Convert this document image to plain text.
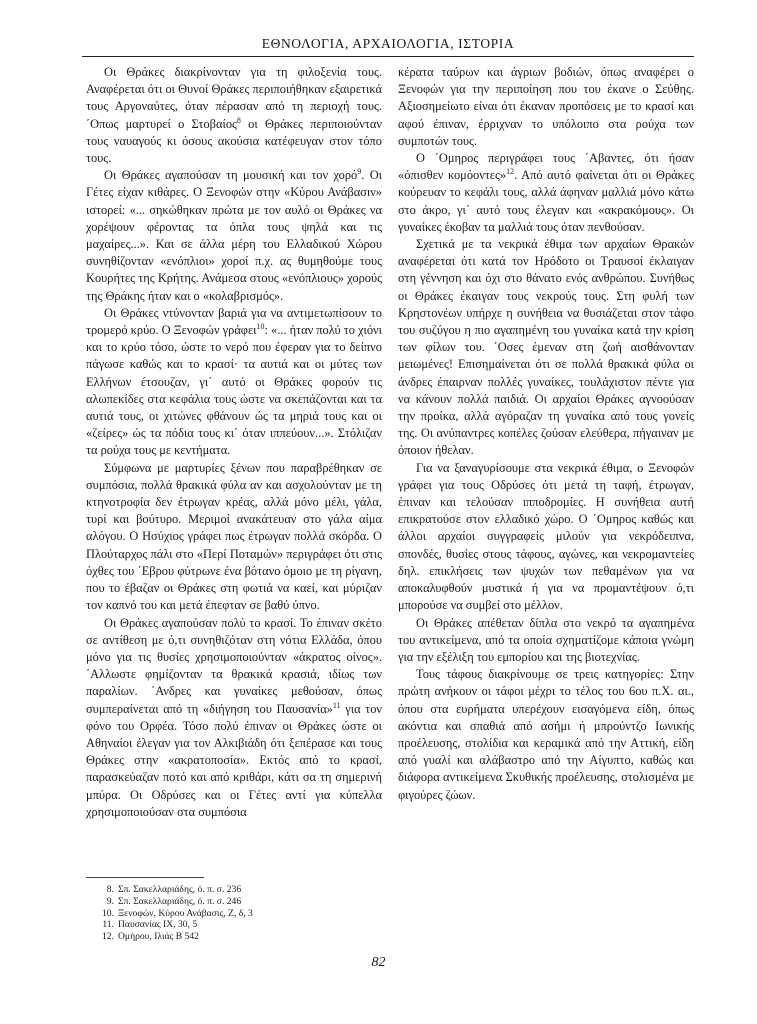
ΕΘΝΟΛΟΓΙΑ, ΑΡΧΑΙΟΛΟΓΙΑ, ΙΣΤΟΡΙΑ

Οι Θράκες διακρίνονταν για τη φιλοξενία τους. Αναφέρεται ότι οι Θυνοί Θράκες περιποιήθηκαν εξαιρετικά τους Αργοναύτες, όταν πέρασαν από τη περιοχή τους. ΄Οπως μαρτυρεί ο Στοβαίος$^8$ οι Θράκες περιποιούνταν τους ναυαγούς κι όσους ακούσια κατέφευγαν στον τόπο τους.

Οι Θράκες αγαπούσαν τη μουσική και τον χορό$^9$. Οι Γέτες είχαν κιθάρες. Ο Ξενοφών στην «Κύρου Ανάβασιν» ιστορεί: «... σηκώθηκαν πρώτα με τον αυλό οι Θράκες να χορέψουν φέροντας τα όπλα τους ψηλά και τις μαχαίρες...». Και σε άλλα μέρη του Ελλαδικού Χώρου συνηθίζονταν «ενόπλιοι» χοροί π.χ. ας θυμηθούμε τους Κουρήτες της Κρήτης. Ανάμεσα στους «ενόπλιους» χορούς της Θράκης ήταν και ο «κολαβρισμός».

Οι Θράκες ντύνονταν βαριά για να αντιμετωπίσουν το τρομερό κρύο. Ο Ξενοφών γράφει$^{10}$: «... ήταν πολύ το χιόνι και το κρύο τόσο, ώστε το νερό που έφεραν για το δείπνο πάγωσε καθώς και το κρασί· τα αυτιά και οι μύτες των Ελλήνων έτσουζαν, γι΄ αυτό οι Θράκες φορούν τις αλωπεκίδες στα κεφάλια τους ώστε να σκεπάζονται και τα αυτιά τους, οι χιτώνες φθάνουν ώς τα μηριά τους και οι «ζείρες» ώς τα πόδια τους κι΄ όταν ιππεύουν...». Στόλιζαν τα ρούχα τους με κεντήματα.

Σύμφωνα με μαρτυρίες ξένων που παραβρέθηκαν σε συμπόσια, πολλά θρακικά φύλα αν και ασχολούνταν με τη κτηνοτροφία δεν έτρωγαν κρέας, αλλά μόνο μέλι, γάλα, τυρί και βούτυρο. Μεριμοί ανακάτευαν στο γάλα αίμα αλόγου. Ο Ησύχιος γράφει πως έτρωγαν πολλά σκόρδα. Ο Πλούταρχος πάλι στο «Περί Ποταμών» περιγράφει ότι στις όχθες του ΄Εβρου φύτρωνε ένα βότανο όμοιο με τη ρίγανη, που το έβαζαν οι Θράκες στη φωτιά να καεί, και μύριζαν τον καπνό του και μετά έπεφταν σε βαθύ ύπνο.

Οι Θράκες αγαπούσαν πολύ το κρασί. Το έπιναν σκέτο σε αντίθεση με ό,τι συνηθιζόταν στη νότια Ελλάδα, όπου μόνο για τις θυσίες χρησιμοποιούνταν «άκρατος οίνος». ΄Αλλωστε φημίζονταν τα θρακικά κρασιά, ιδίως των παραλίων. ΄Ανδρες και γυναίκες μεθούσαν, όπως συμπεραίνεται από τη «διήγηση του Παυσανία»$^{11}$ για τον φόνο του Ορφέα. Τόσο πολύ έπιναν οι Θράκες ώστε οι Αθηναίοι έλεγαν για τον Αλκιβιάδη ότι ξεπέρασε και τους Θράκες στην «ακρατοποσία». Εκτός από το κρασί, παρασκεύαζαν ποτό και από κριθάρι, κάτι σα τη σημερινή μπύρα. Οι Οδρύσες και οι Γέτες αντί για κύπελλα χρησιμοποιούσαν στα συμπόσια

κέρατα ταύρων και άγριων βοδιών, όπως αναφέρει ο Ξενοφών για την περιποίηση που του έκανε ο Σεύθης. Αξιοσημείωτο είναι ότι έκαναν προπόσεις με το κρασί και αφού έπιναν, έρριχναν το υπόλοιπο στα ρούχα των συμποτών τους.

Ο ΄Ομηρος περιγράφει τους ΄Αβαντες, ότι ήσαν «όπισθεν κομόοντες»$^{12}$. Από αυτό φαίνεται ότι οι Θράκες κούρευαν το κεφάλι τους, αλλά άφηναν μαλλιά μόνο κάτω στο άκρο, γι΄ αυτό τους έλεγαν και «ακρακόμους». Οι γυναίκες έκοβαν τα μαλλιά τους όταν πενθούσαν.

Σχετικά με τα νεκρικά έθιμα των αρχαίων Θρακών αναφέρεται ότι κατά τον Ηρόδοτο οι Τραυσοί έκλαιγαν στη γέννηση και όχι στο θάνατο ενός ανθρώπου. Συνήθως οι Θράκες έκαιγαν τους νεκρούς τους. Στη φυλή των Κρηστονέων υπήρχε η συνήθεια να θυσιάζεται στον τάφο του συζύγου η πιο αγαπημένη του γυναίκα κατά την κρίση των φίλων του. ΄Οσες έμεναν στη ζωή αισθάνονταν μειωμένες! Επισημαίνεται ότι σε πολλά θρακικά φύλα οι άνδρες έπαιρναν πολλές γυναίκες, τουλάχιστον πέντε για να κάνουν πολλά παιδιά. Οι αρχαίοι Θράκες αγνοούσαν την προίκα, αλλά αγόραζαν τη γυναίκα από τους γονείς της. Οι ανύπαντρες κοπέλες ζούσαν ελεύθερα, πήγαιναν με όποιον ήθελαν.

Για να ξαναγυρίσουμε στα νεκρικά έθιμα, ο Ξενοφών γράφει για τους Οδρύσες ότι μετά τη ταφή, έτρωγαν, έπιναν και τελούσαν ιπποδρομίες. Η συνήθεια αυτή επικρατούσε στον ελλαδικό χώρο. Ο ΄Ομηρος καθώς και άλλοι αρχαίοι συγγραφείς μιλούν για νεκρόδειπνα, σπονδές, θυσίες στους τάφους, αγώνες, και νεκρομαντείες δηλ. επικλήσεις των ψυχών των πεθαμένων για να αποκαλυφθούν μυστικά ή για να προμαντέψουν ό,τι μπορούσε να συμβεί στο μέλλον.

Οι Θράκες απέθεταν δίπλα στο νεκρό τα αγαπημένα του αντικείμενα, από τα οποία σχηματίζομε κάποια γνώμη για την εξέλιξη του εμπορίου και της βιοτεχνίας.

Τους τάφους διακρίνουμε σε τρεις κατηγορίες: Στην πρώτη ανήκουν οι τάφοι μέχρι το τέλος του 6ου π.Χ. αι., όπου στα ευρήματα υπερέχουν εισαγόμενα είδη, όπως ακόντια και σπαθιά από ασήμι ή μπρούντζο Ιωνικής προέλευσης, στολίδια και κεραμικά από την Αττική, είδη από γυαλί και αλάβαστρο από την Αίγυπτο, καθώς και διάφορα αντικείμενα Σκυθικής προέλευσης, στολισμένα με φιγούρες ζώων.

8. Σπ. Σακελλαριάδης, ό. π. σ. 236
9. Σπ. Σακελλαριάδης, ό. π. σ. 246
10. Ξενοφών, Κύρου Ανάβασις, Ζ, δ, 3
11. Παυσανίας ΙΧ, 30, 5
12. Ομήρου, Ιλιάς Β 542
82
